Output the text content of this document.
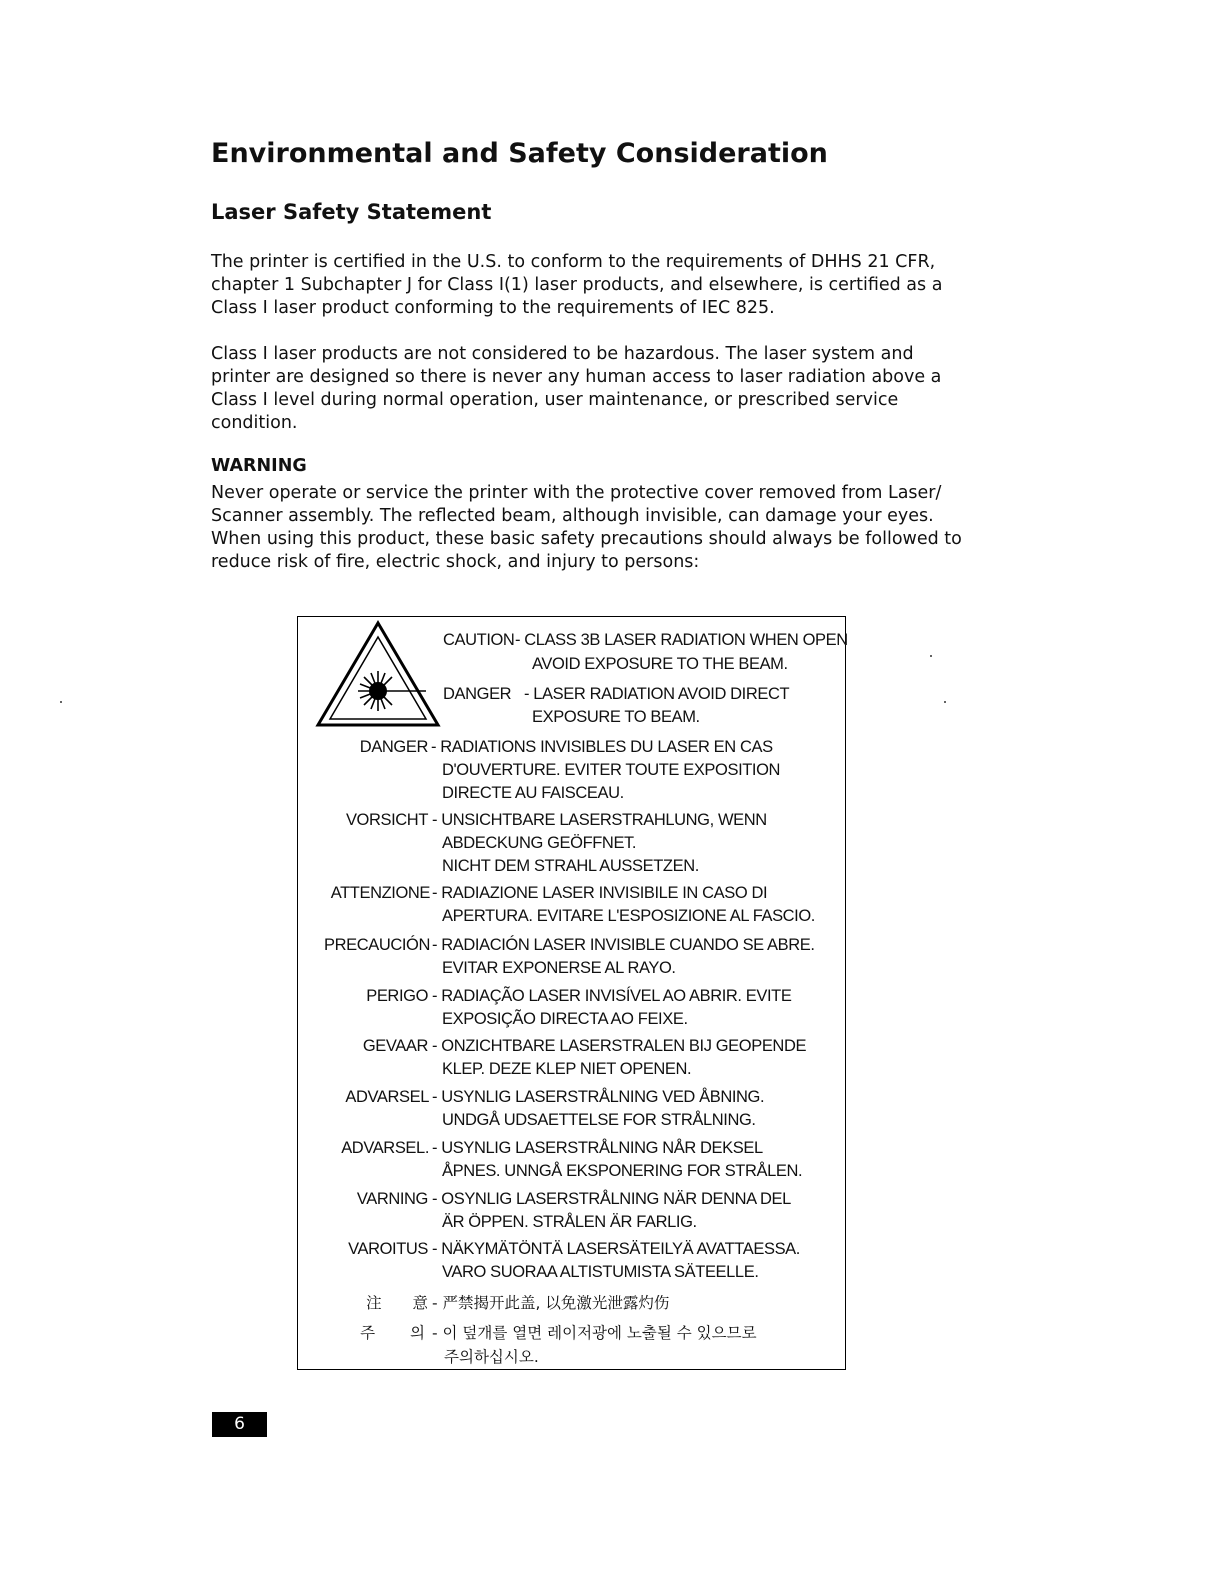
Environmental and Safety Consideration
Laser Safety Statement
The printer is certified in the U.S. to conform to the requirements of DHHS 21 CFR,
chapter 1 Subchapter J for Class I(1) laser products, and elsewhere, is certified as a
Class I laser product conforming to the requirements of IEC 825.
Class I laser products are not considered to be hazardous. The laser system and
printer are designed so there is never any human access to laser radiation above a
Class I level during normal operation, user maintenance, or prescribed service
condition.
WARNING
Never operate or service the printer with the protective cover removed from Laser/
Scanner assembly. The reflected beam, although invisible, can damage your eyes.
When using this product, these basic safety precautions should always be followed to
reduce risk of fire, electric shock, and injury to persons:
CAUTION - CLASS 3B LASER RADIATION WHEN OPEN
AVOID EXPOSURE TO THE BEAM.
DANGER - LASER RADIATION AVOID DIRECT
EXPOSURE TO BEAM.
DANGER - RADIATIONS INVISIBLES DU LASER EN CAS
D'OUVERTURE. EVITER TOUTE EXPOSITION
DIRECTE AU FAISCEAU.
VORSICHT - UNSICHTBARE LASERSTRAHLUNG, WENN
ABDECKUNG GEÖFFNET.
NICHT DEM STRAHL AUSSETZEN.
ATTENZIONE - RADIAZIONE LASER INVISIBILE IN CASO DI
APERTURA. EVITARE L'ESPOSIZIONE AL FASCIO.
PRECAUCIÓN - RADIACIÓN LASER INVISIBLE CUANDO SE ABRE.
EVITAR EXPONERSE AL RAYO.
PERIGO - RADIAÇÃO LASER INVISÍVEL AO ABRIR. EVITE
EXPOSIÇÃO DIRECTA AO FEIXE.
GEVAAR - ONZICHTBARE LASERSTRALEN BIJ GEOPENDE
KLEP. DEZE KLEP NIET OPENEN.
ADVARSEL - USYNLIG LASERSTRÅLNING VED ÅBNING.
UNDGÅ UDSAETTELSE FOR STRÅLNING.
ADVARSEL. - USYNLIG LASERSTRÅLNING NÅR DEKSEL
ÅPNES. UNNGÅ EKSPONERING FOR STRÅLEN.
VARNING - OSYNLIG LASERSTRÅLNING NÄR DENNA DEL
ÄR ÖPPEN. STRÅLEN ÄR FARLIG.
VAROITUS - NÄKYMÄTÖNTÄ LASERSÄTEILYÄ AVATTAESSA.
VARO SUORAA ALTISTUMISTA SÄTEELLE.
注 意 - 严禁揭开此盖, 以免激光泄露灼伤
주 의 - 이 덮개를 열면 레이저광에 노출될 수 있으므로
주의하십시오.
6
